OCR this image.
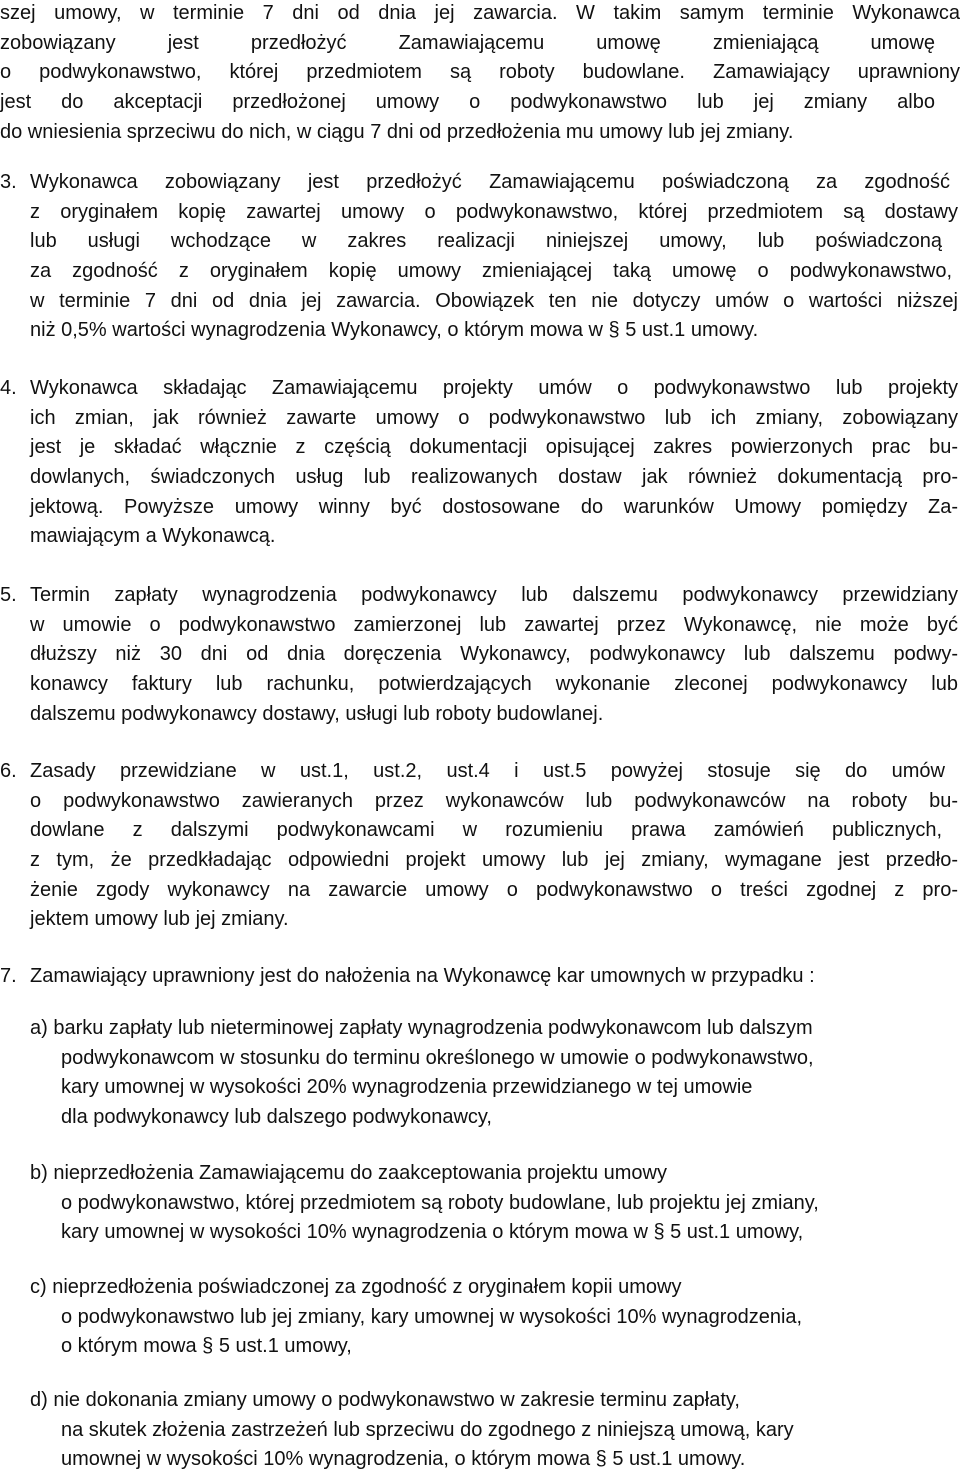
szej umowy, w terminie 7 dni od dnia jej zawarcia. W takim samym terminie Wykonawca
zobowiązany jest przedłożyć Zamawiającemu umowę zmieniającą umowę
o podwykonawstwo, której przedmiotem są roboty budowlane. Zamawiający uprawniony
jest do akceptacji przedłożonej umowy o podwykonawstwo lub jej zmiany albo
do wniesienia sprzeciwu do nich, w ciągu 7 dni od przedłożenia mu umowy lub jej zmiany.
3. Wykonawca zobowiązany jest przedłożyć Zamawiającemu poświadczoną za zgodność
z oryginałem kopię zawartej umowy o podwykonawstwo, której przedmiotem są dostawy
lub usługi wchodzące w zakres realizacji niniejszej umowy, lub poświadczoną
za zgodność z oryginałem kopię umowy zmieniającej taką umowę o podwykonawstwo,
w terminie 7 dni od dnia jej zawarcia. Obowiązek ten nie dotyczy umów o wartości niższej
niż 0,5% wartości wynagrodzenia Wykonawcy, o którym mowa w § 5 ust.1 umowy.
4. Wykonawca składając Zamawiającemu projekty umów o podwykonawstwo lub projekty
ich zmian, jak również zawarte umowy o podwykonawstwo lub ich zmiany, zobowiązany
jest je składać włącznie z częścią dokumentacji opisującej zakres powierzonych prac bu-
dowlanych, świadczonych usług lub realizowanych dostaw jak również dokumentacją pro-
jektową. Powyższe umowy winny być dostosowane do warunków Umowy pomiędzy Za-
mawiającym a Wykonawcą.
5. Termin zapłaty wynagrodzenia podwykonawcy lub dalszemu podwykonawcy przewidziany
w umowie o podwykonawstwo zamierzonej lub zawartej przez Wykonawcę, nie może być
dłuższy niż 30 dni od dnia doręczenia Wykonawcy, podwykonawcy lub dalszemu podwy-
konawcy faktury lub rachunku, potwierdzających wykonanie zleconej podwykonawcy lub
dalszemu podwykonawcy dostawy, usługi lub roboty budowlanej.
6. Zasady przewidziane w ust.1, ust.2, ust.4 i ust.5 powyżej stosuje się do umów
o podwykonawstwo zawieranych przez wykonawców lub podwykonawców na roboty bu-
dowlane z dalszymi podwykonawcami w rozumieniu prawa zamówień publicznych,
z tym, że przedkładając odpowiedni projekt umowy lub jej zmiany, wymagane jest przedło-
żenie zgody wykonawcy na zawarcie umowy o podwykonawstwo o treści zgodnej z pro-
jektem umowy lub jej zmiany.
7. Zamawiający uprawniony jest do nałożenia na Wykonawcę kar umownych w przypadku :
a) barku zapłaty lub nieterminowej zapłaty wynagrodzenia podwykonawcom lub dalszym
podwykonawcom w stosunku do terminu określonego w umowie o podwykonawstwo,
kary umownej w wysokości 20% wynagrodzenia przewidzianego w tej umowie
dla podwykonawcy lub dalszego podwykonawcy,
b) nieprzedłożenia Zamawiającemu do zaakceptowania projektu umowy
o podwykonawstwo, której przedmiotem są roboty budowlane, lub projektu jej zmiany,
kary umownej w wysokości 10% wynagrodzenia o którym mowa w § 5 ust.1 umowy,
c) nieprzedłożenia poświadczonej za zgodność z oryginałem kopii umowy
o podwykonawstwo lub jej zmiany, kary umownej w wysokości 10% wynagrodzenia,
o którym mowa § 5 ust.1 umowy,
d) nie dokonania zmiany umowy o podwykonawstwo w zakresie terminu zapłaty,
na skutek złożenia zastrzeżeń lub sprzeciwu do zgodnego z niniejszą umową, kary
umownej w wysokości 10% wynagrodzenia, o którym mowa § 5 ust.1 umowy.
